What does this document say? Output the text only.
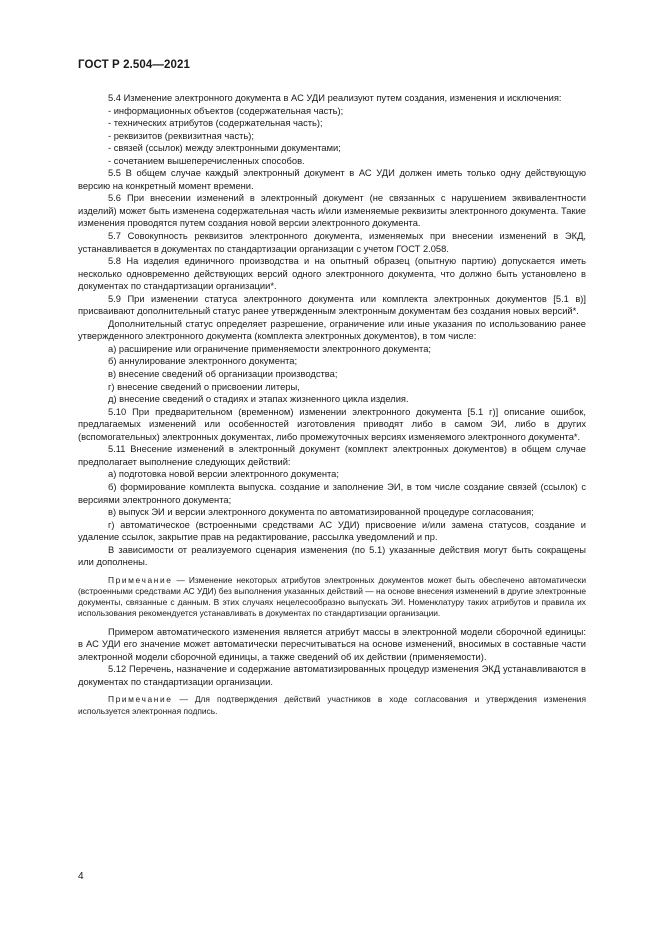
ГОСТ Р 2.504—2021

5.4 Изменение электронного документа в АС УДИ реализуют путем создания, изменения и исключения:

- информационных объектов (содержательная часть);

- технических атрибутов (содержательная часть);

- реквизитов (реквизитная часть);

- связей (ссылок) между электронными документами;

- сочетанием вышеперечисленных способов.

5.5 В общем случае каждый электронный документ в АС УДИ должен иметь только одну действующую версию на конкретный момент времени.

5.6 При внесении изменений в электронный документ (не связанных с нарушением эквивалентности изделий) может быть изменена содержательная часть и/или изменяемые реквизиты электронного документа. Такие изменения проводятся путем создания новой версии электронного документа.

5.7 Совокупность реквизитов электронного документа, изменяемых при внесении изменений в ЭКД, устанавливается в документах по стандартизации организации с учетом ГОСТ 2.058.

5.8 На изделия единичного производства и на опытный образец (опытную партию) допускается иметь несколько одновременно действующих версий одного электронного документа, что должно быть установлено в документах по стандартизации организации*.

5.9 При изменении статуса электронного документа или комплекта электронных документов [5.1 в)] присваивают дополнительный статус ранее утвержденным электронным документам без создания новых версий*.

Дополнительный статус определяет разрешение, ограничение или иные указания по использованию ранее утвержденного электронного документа (комплекта электронных документов), в том числе:

а) расширение или ограничение применяемости электронного документа;

б) аннулирование электронного документа;

в) внесение сведений об организации производства;

г) внесение сведений о присвоении литеры,

д) внесение сведений о стадиях и этапах жизненного цикла изделия.

5.10 При предварительном (временном) изменении электронного документа [5.1 г)] описание ошибок, предлагаемых изменений или особенностей изготовления приводят либо в самом ЭИ, либо в других (вспомогательных) электронных документах, либо промежуточных версиях изменяемого электронного документа*.

5.11 Внесение изменений в электронный документ (комплект электронных документов) в общем случае предполагает выполнение следующих действий:

а) подготовка новой версии электронного документа;

б) формирование комплекта выпуска. создание и заполнение ЭИ, в том числе создание связей (ссылок) с версиями электронного документа;

в) выпуск ЭИ и версии электронного документа по автоматизированной процедуре согласования;

г) автоматическое (встроенными средствами АС УДИ) присвоение и/или замена статусов, создание и удаление ссылок, закрытие прав на редактирование, рассылка уведомлений и пр.

В зависимости от реализуемого сценария изменения (по 5.1) указанные действия могут быть сокращены или дополнены.

Примечание — Изменение некоторых атрибутов электронных документов может быть обеспечено автоматически (встроенными средствами АС УДИ) без выполнения указанных действий — на основе внесения изменений в другие электронные документы, связанные с данным. В этих случаях нецелесообразно выпускать ЭИ. Номенклатуру таких атрибутов и правила их использования рекомендуется устанавливать в документах по стандартизации организации.

Примером автоматического изменения является атрибут массы в электронной модели сборочной единицы: в АС УДИ его значение может автоматически пересчитываться на основе изменений, вносимых в составные части электронной модели сборочной единицы, а также сведений об их действии (применяемости).

5.12 Перечень, назначение и содержание автоматизированных процедур изменения ЭКД устанавливаются в документах по стандартизации организации.

Примечание — Для подтверждения действий участников в ходе согласования и утверждения изменения используется электронная подпись.

4
